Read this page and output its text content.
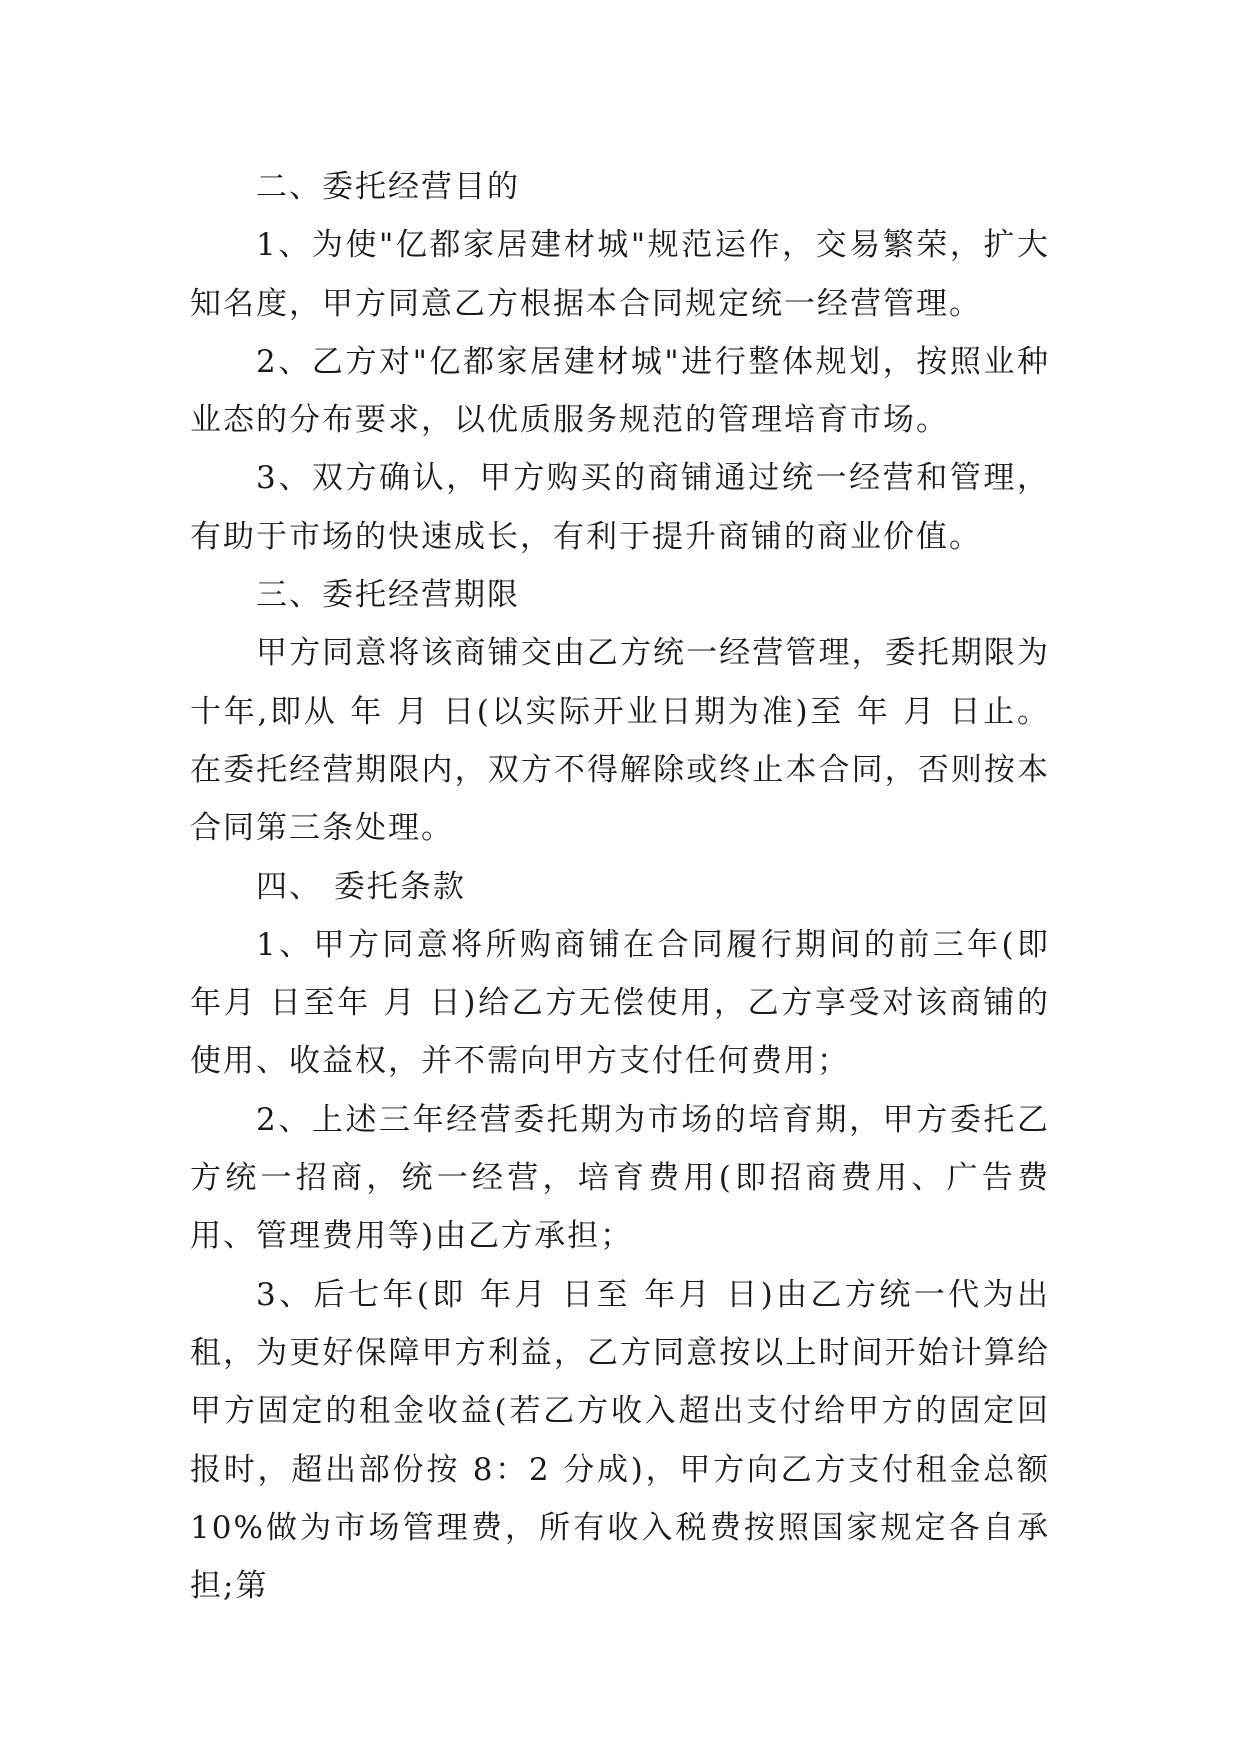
二、委托经营目的

1、为使"亿都家居建材城"规范运作，交易繁荣，扩大知名度，甲方同意乙方根据本合同规定统一经营管理。

2、乙方对"亿都家居建材城"进行整体规划，按照业种业态的分布要求，以优质服务规范的管理培育市场。

3、双方确认，甲方购买的商铺通过统一经营和管理，有助于市场的快速成长，有利于提升商铺的商业价值。

三、委托经营期限

甲方同意将该商铺交由乙方统一经营管理，委托期限为十年,即从 年 月 日(以实际开业日期为准)至 年 月 日止。在委托经营期限内，双方不得解除或终止本合同，否则按本合同第三条处理。

四、 委托条款

1、甲方同意将所购商铺在合同履行期间的前三年(即 年月 日至年 月 日)给乙方无偿使用，乙方享受对该商铺的使用、收益权，并不需向甲方支付任何费用；

2、上述三年经营委托期为市场的培育期，甲方委托乙方统一招商，统一经营，培育费用(即招商费用、广告费用、管理费用等)由乙方承担；

3、后七年(即 年月 日至 年月 日)由乙方统一代为出租，为更好保障甲方利益，乙方同意按以上时间开始计算给甲方固定的租金收益(若乙方收入超出支付给甲方的固定回报时，超出部份按 8：2 分成)，甲方向乙方支付租金总额 10%做为市场管理费，所有收入税费按照国家规定各自承担;第
